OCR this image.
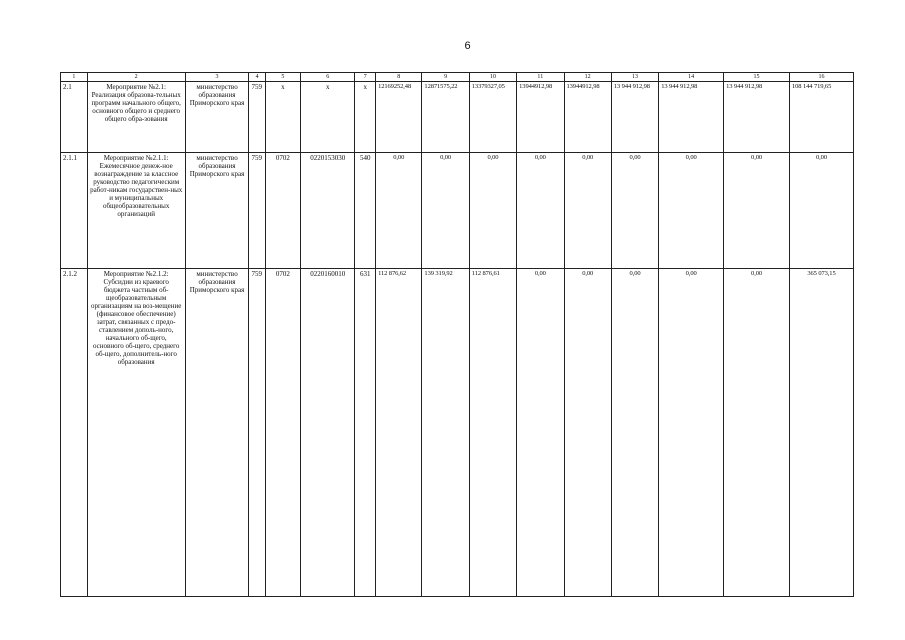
6
1	2	3	4	5	6	7	8	9	10	11	12	13	14	15	16
2.1	Мероприятие №2.1: Реализация образова-тельных программ начального общего, основного общего и среднего общего обра-зования	министерство образования Приморского края	759	x	x	x	12169252,48	12871575,22	13379327,05	13944912,98	13944912,98	13 944 912,98	13 944 912,98	13 944 912,98	108 144 719,65
2.1.1	Мероприятие №2.1.1: Ежемесячное денеж-ное вознаграждение за классное руководство педагогическим работ-никам государствен-ных и муниципальных общеобразовательных организаций	министерство образования Приморского края	759	0702	0220153030	540	0,00	0,00	0,00	0,00	0,00	0,00	0,00	0,00	0,00
2.1.2	Мероприятие №2.1.2: Субсидии из краевого бюджета частным об-щеобразовательным организациям на воз-мещение (финансовое обеспечение) затрат, связанных с предо-ставлением дополь-ного, начального об-щего, основного об-щего, среднего об-щего, дополнитель-ного образования	министерство образования Приморского края	759	0702	0220160010	631	112 876,62	139 319,92	112 876,61	0,00	0,00	0,00	0,00	0,00	365 073,15
